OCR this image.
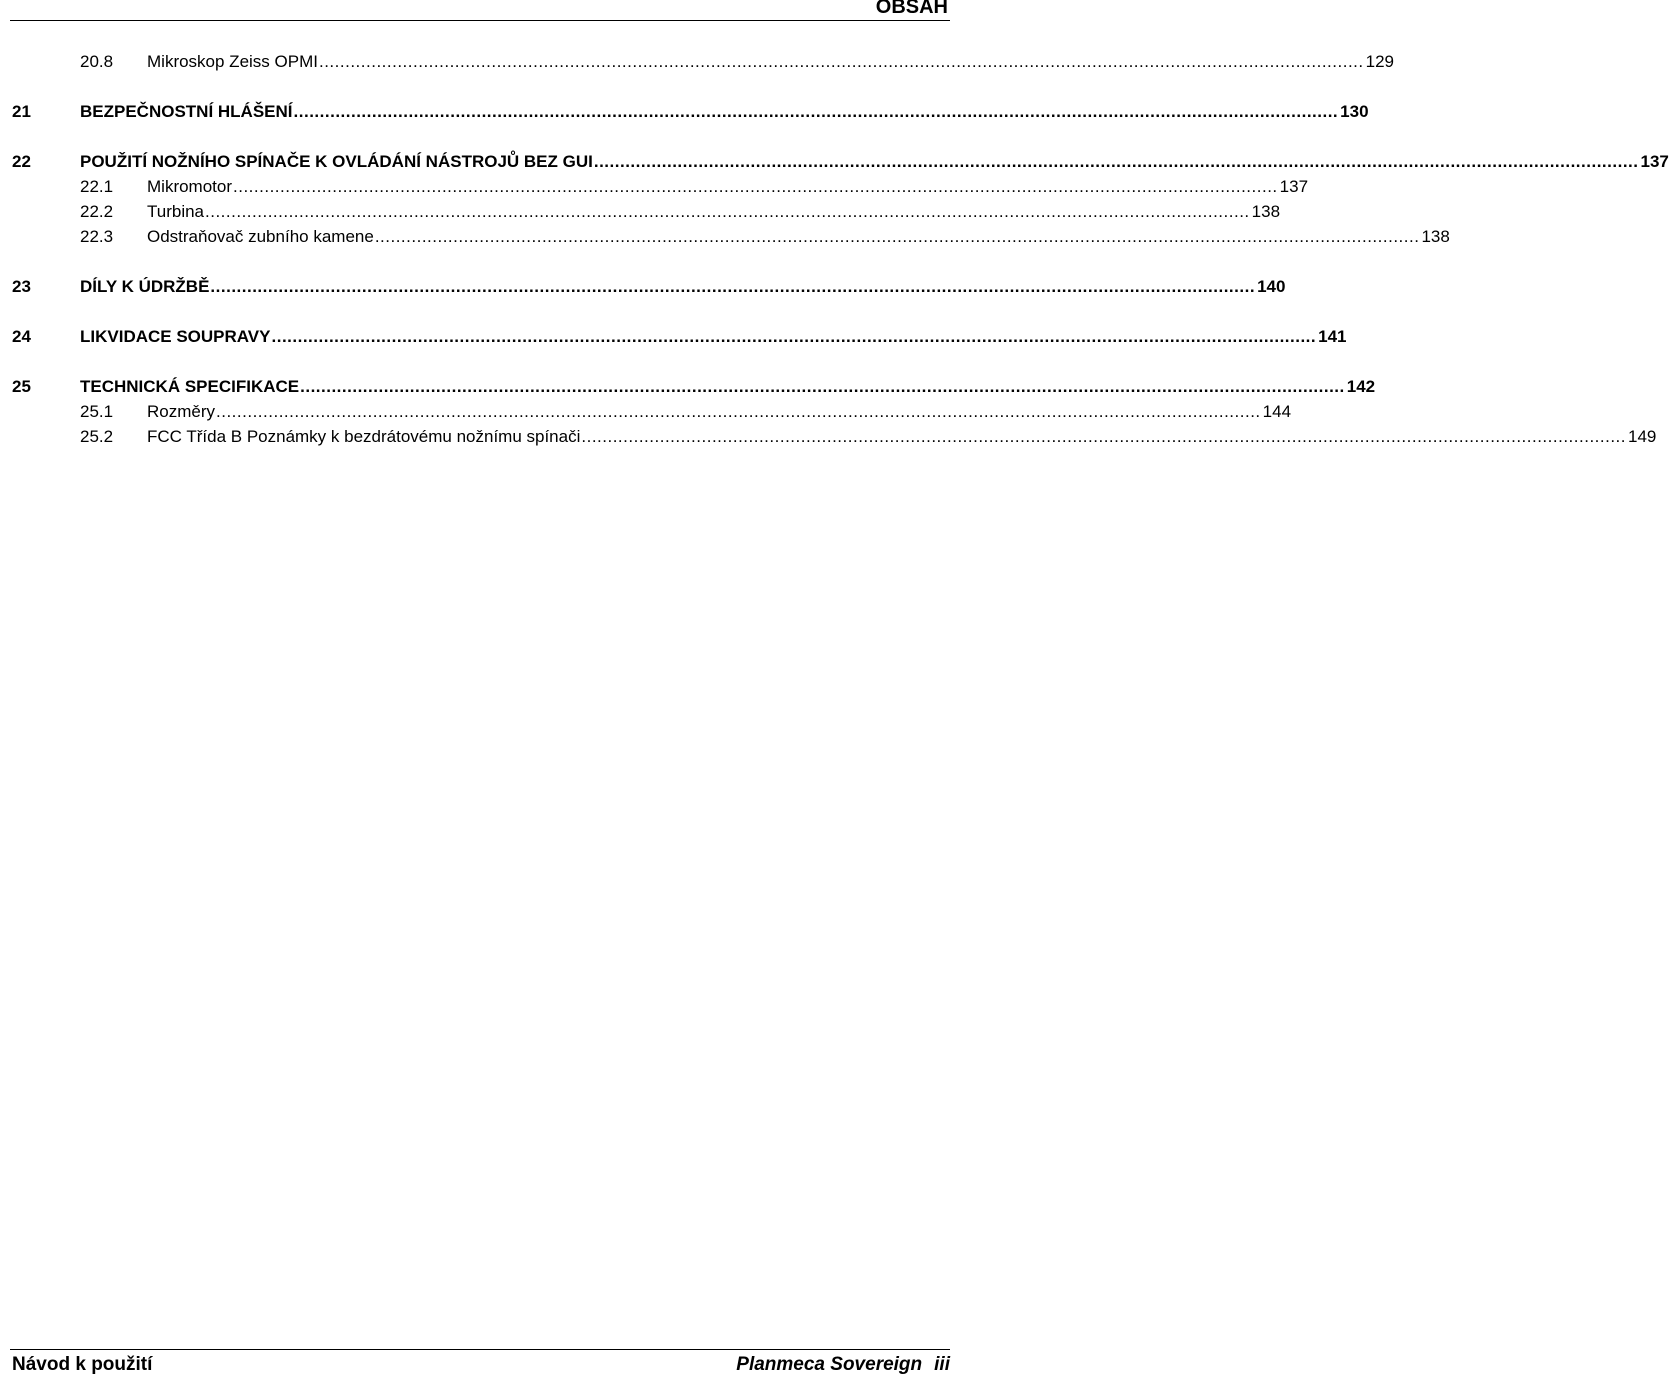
OBSAH
20.8 Mikroskop Zeiss OPMI ........................................................................................................................................................................................................ 129
21	BEZPEČNOSTNÍ HLÁŠENÍ ........................................................................................................................................................................................................ 130
22	POUŽITÍ NOŽNÍHO SPÍNAČE K OVLÁDÁNÍ NÁSTROJŮ BEZ GUI ........................................................................................................................................................................................................ 137
22.1 Mikromotor ........................................................................................................................................................................................................ 137
22.2 Turbina ........................................................................................................................................................................................................ 138
22.3 Odstraňovač zubního kamene ........................................................................................................................................................................................................ 138
23	DÍLY K ÚDRŽBĚ ........................................................................................................................................................................................................ 140
24	LIKVIDACE SOUPRAVY ........................................................................................................................................................................................................ 141
25	TECHNICKÁ SPECIFIKACE ........................................................................................................................................................................................................ 142
25.1 Rozměry ........................................................................................................................................................................................................ 144
25.2 FCC Třída B Poznámky k bezdrátovému nožnímu spínači ........................................................................................................................................................................................................ 149
Návod k použití	Planmeca Sovereign iii
